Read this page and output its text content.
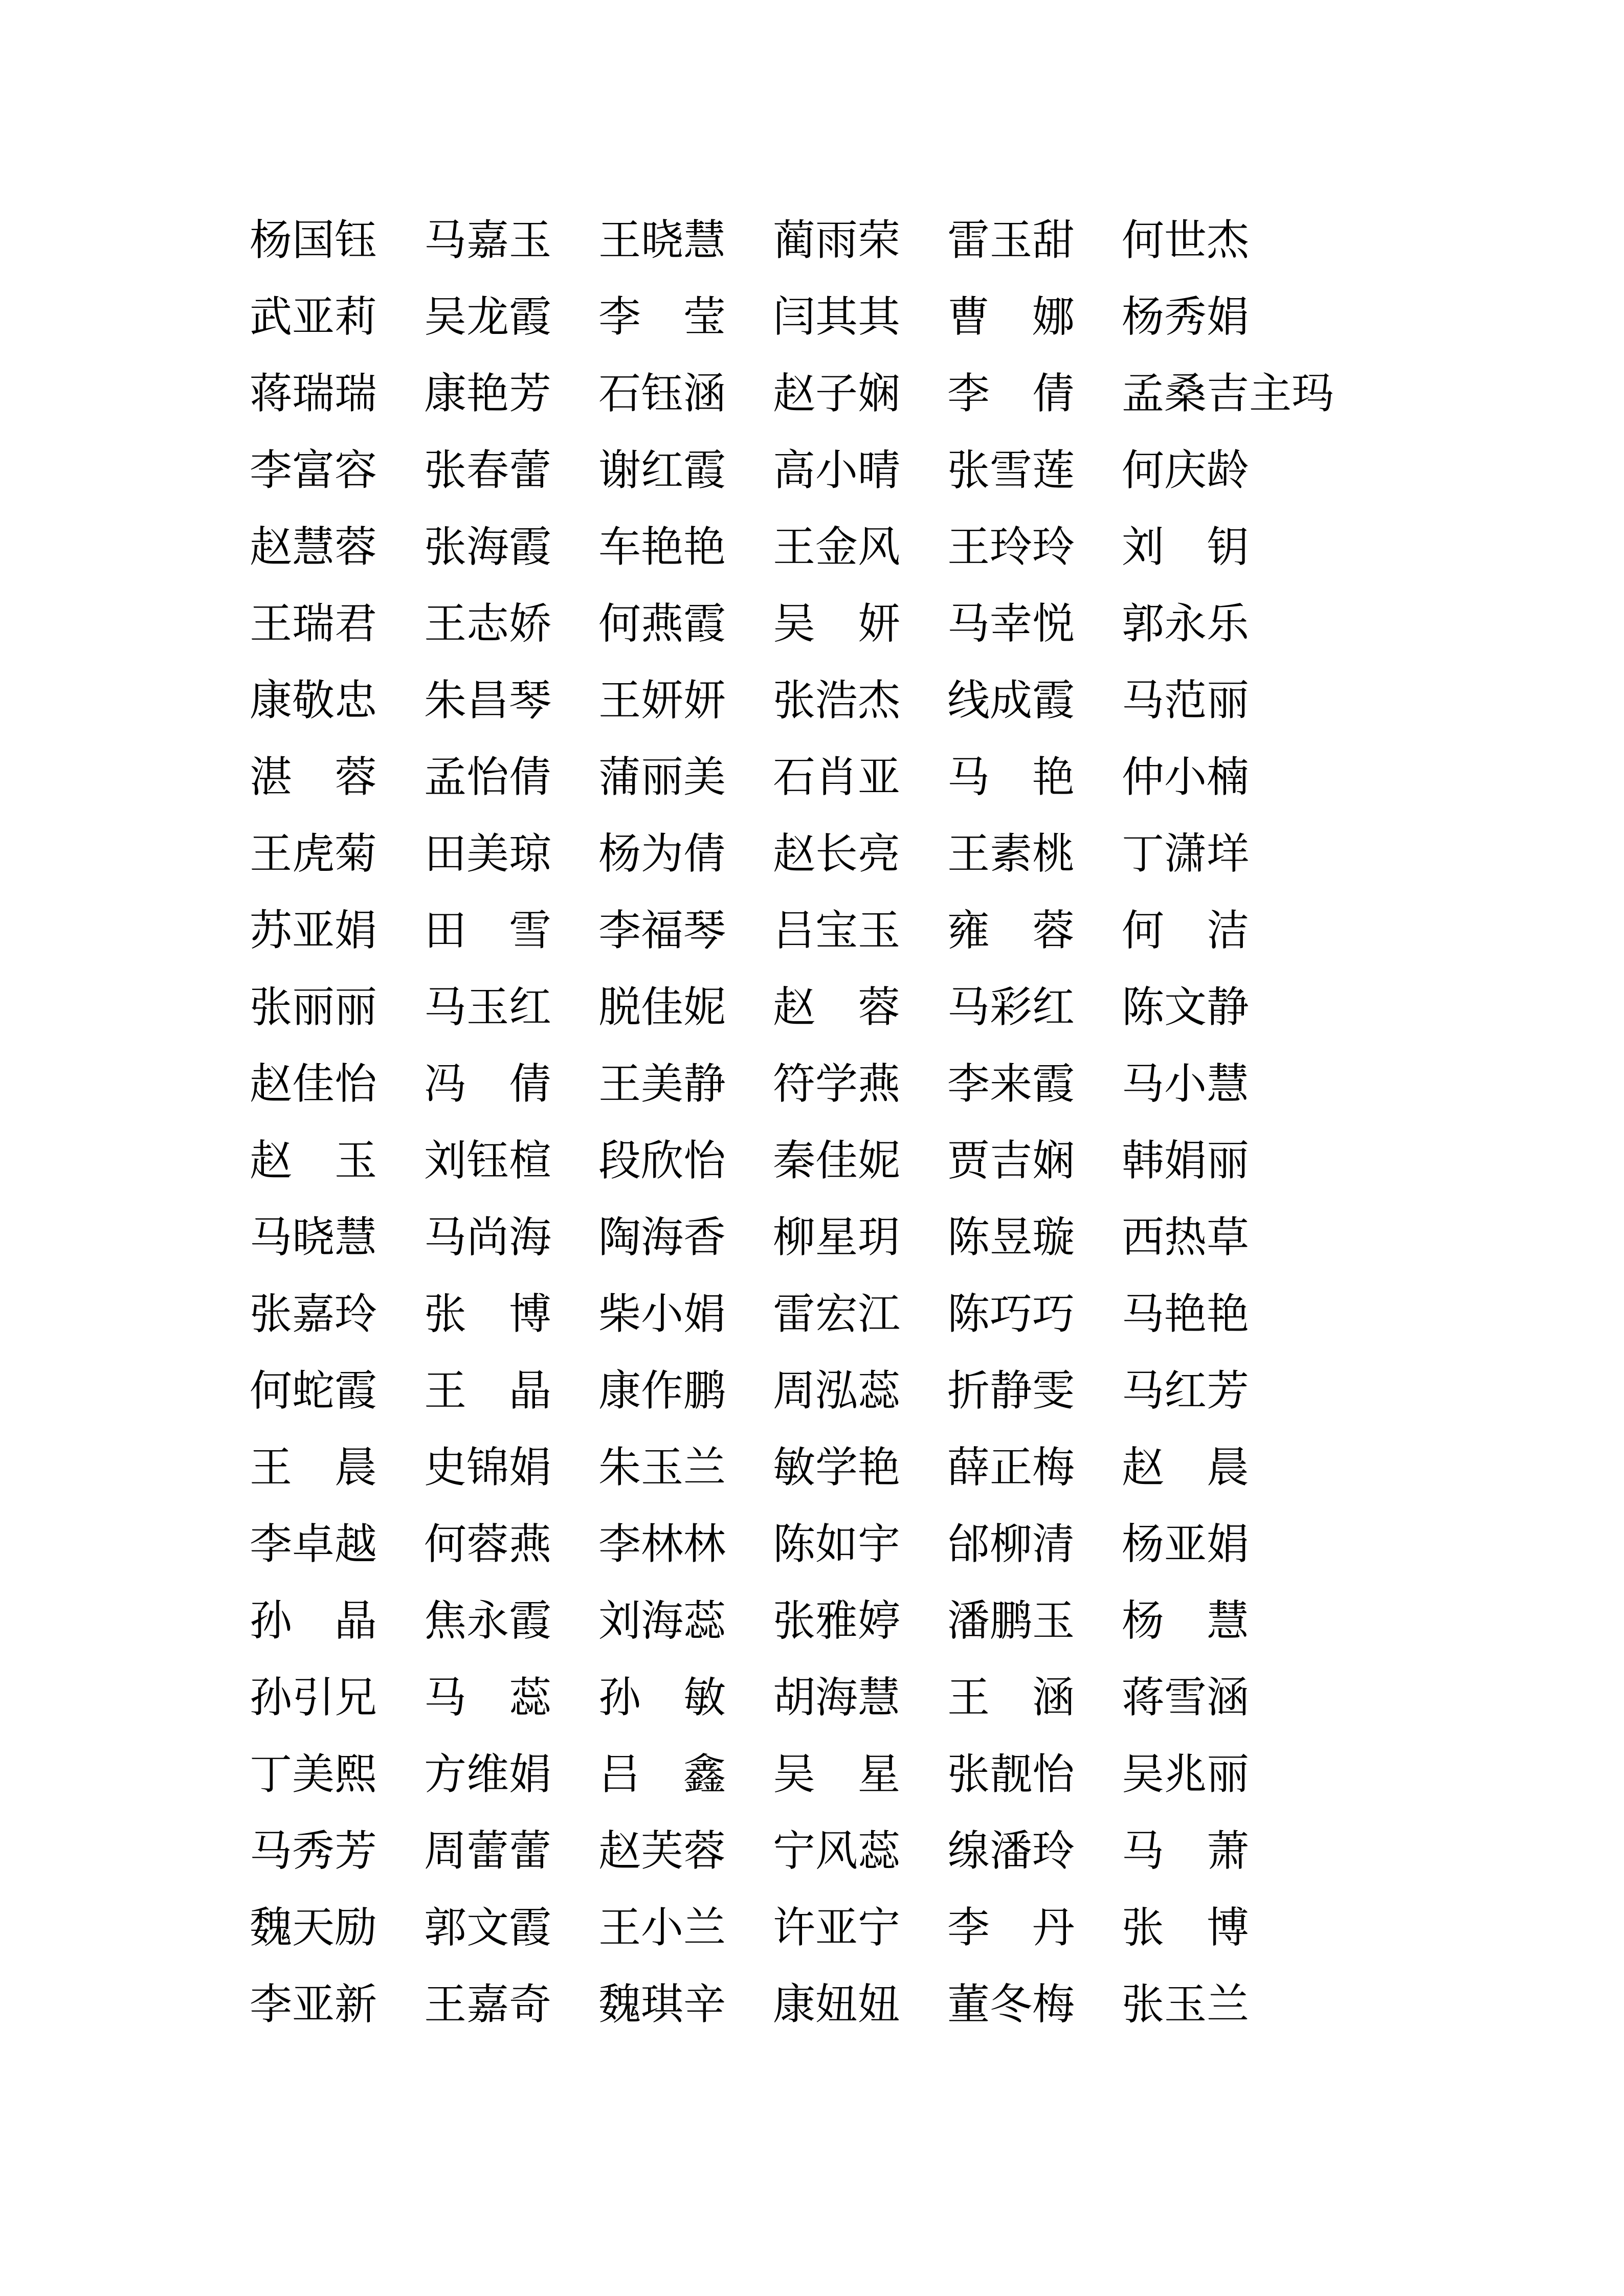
杨国钰	马嘉玉	王晓慧	蔺雨荣	雷玉甜	何世杰
武亚莉	吴龙霞	李　莹	闫其其	曹　娜	杨秀娟
蒋瑞瑞	康艳芳	石钰涵	赵子娴	李　倩	孟桑吉主玛
李富容	张春蕾	谢红霞	高小晴	张雪莲	何庆龄
赵慧蓉	张海霞	车艳艳	王金风	王玲玲	刘　钥
王瑞君	王志娇	何燕霞	吴　妍	马幸悦	郭永乐
康敬忠	朱昌琴	王妍妍	张浩杰	线成霞	马范丽
湛　蓉	孟怡倩	蒲丽美	石肖亚	马　艳	仲小楠
王虎菊	田美琼	杨为倩	赵长亮	王素桃	丁潇垟
苏亚娟	田　雪	李福琴	吕宝玉	雍　蓉	何　洁
张丽丽	马玉红	脱佳妮	赵　蓉	马彩红	陈文静
赵佳怡	冯　倩	王美静	符学燕	李来霞	马小慧
赵　玉	刘钰楦	段欣怡	秦佳妮	贾吉娴	韩娟丽
马晓慧	马尚海	陶海香	柳星玥	陈昱璇	西热草
张嘉玲	张　博	柴小娟	雷宏江	陈巧巧	马艳艳
何蛇霞	王　晶	康作鹏	周泓蕊	折静雯	马红芳
王　晨	史锦娟	朱玉兰	敏学艳	薛正梅	赵　晨
李卓越	何蓉燕	李林林	陈如宇	邰柳清	杨亚娟
孙　晶	焦永霞	刘海蕊	张雅婷	潘鹏玉	杨　慧
孙引兄	马　蕊	孙　敏	胡海慧	王　涵	蒋雪涵
丁美熙	方维娟	吕　鑫	吴　星	张靓怡	吴兆丽
马秀芳	周蕾蕾	赵芙蓉	宁风蕊	缐潘玲	马　萧
魏天励	郭文霞	王小兰	许亚宁	李　丹	张　博
李亚新	王嘉奇	魏琪辛	康妞妞	董冬梅	张玉兰
